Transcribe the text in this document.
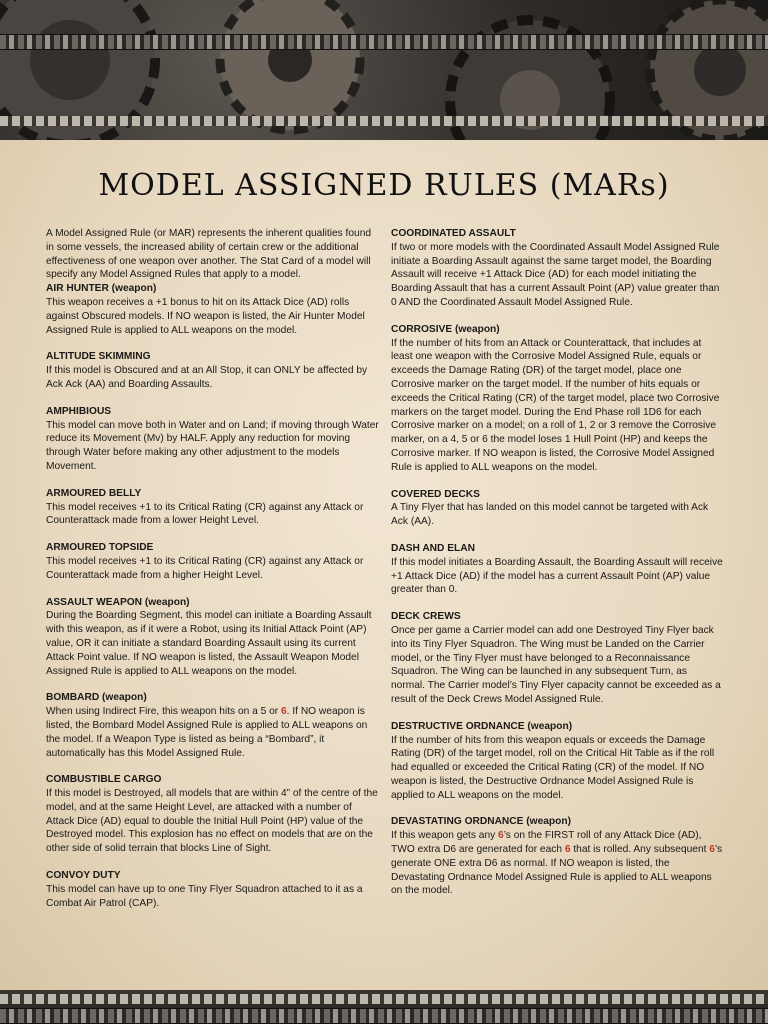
MODEL ASSIGNED RULES (MARs)

A Model Assigned Rule (or MAR) represents the inherent qualities found in some vessels, the increased ability of certain crew or the additional effectiveness of one weapon over another. The Stat Card of a model will specify any Model Assigned Rules that apply to a model.

AIR HUNTER (weapon)

This weapon receives a +1 bonus to hit on its Attack Dice (AD) rolls against Obscured models. If NO weapon is listed, the Air Hunter Model Assigned Rule is applied to ALL weapons on the model.

ALTITUDE SKIMMING

If this model is Obscured and at an All Stop, it can ONLY be affected by Ack Ack (AA) and Boarding Assaults.

AMPHIBIOUS

This model can move both in Water and on Land; if moving through Water reduce its Movement (Mv) by HALF. Apply any reduction for moving through Water before making any other adjustment to the models Movement.

ARMOURED BELLY

This model receives +1 to its Critical Rating (CR) against any Attack or Counterattack made from a lower Height Level.

ARMOURED TOPSIDE

This model receives +1 to its Critical Rating (CR) against any Attack or Counterattack made from a higher Height Level.

ASSAULT WEAPON (weapon)

During the Boarding Segment, this model can initiate a Boarding Assault with this weapon, as if it were a Robot, using its Initial Attack Point (AP) value, OR it can initiate a standard Boarding Assault using its current Attack Point value. If NO weapon is listed, the Assault Weapon Model Assigned Rule is applied to ALL weapons on the model.

BOMBARD (weapon)

When using Indirect Fire, this weapon hits on a 5 or 6. If NO weapon is listed, the Bombard Model Assigned Rule is applied to ALL weapons on the model. If a Weapon Type is listed as being a “Bombard”, it automatically has this Model Assigned Rule.

COMBUSTIBLE CARGO

If this model is Destroyed, all models that are within 4” of the centre of the model, and at the same Height Level, are attacked with a number of Attack Dice (AD) equal to double the Initial Hull Point (HP) value of the Destroyed model. This explosion has no effect on models that are on the other side of solid terrain that blocks Line of Sight.

CONVOY DUTY

This model can have up to one Tiny Flyer Squadron attached to it as a Combat Air Patrol (CAP).

COORDINATED ASSAULT

If two or more models with the Coordinated Assault Model Assigned Rule initiate a Boarding Assault against the same target model, the Boarding Assault will receive +1 Attack Dice (AD) for each model initiating the Boarding Assault that has a current Assault Point (AP) value greater than 0 AND the Coordinated Assault Model Assigned Rule.

CORROSIVE (weapon)

If the number of hits from an Attack or Counterattack, that includes at least one weapon with the Corrosive Model Assigned Rule, equals or exceeds the Damage Rating (DR) of the target model, place one Corrosive marker on the target model. If the number of hits equals or exceeds the Critical Rating (CR) of the target model, place two Corrosive markers on the target model. During the End Phase roll 1D6 for each Corrosive marker on a model; on a roll of 1, 2 or 3 remove the Corrosive marker, on a 4, 5 or 6 the model loses 1 Hull Point (HP) and keeps the Corrosive marker. If NO weapon is listed, the Corrosive Model Assigned Rule is applied to ALL weapons on the model.

COVERED DECKS

A Tiny Flyer that has landed on this model cannot be targeted with Ack Ack (AA).

DASH AND ELAN

If this model initiates a Boarding Assault, the Boarding Assault will receive +1 Attack Dice (AD) if the model has a current Assault Point (AP) value greater than 0.

DECK CREWS

Once per game a Carrier model can add one Destroyed Tiny Flyer back into its Tiny Flyer Squadron. The Wing must be Landed on the Carrier model, or the Tiny Flyer must have belonged to a Reconnaissance Squadron. The Wing can be launched in any subsequent Turn, as normal. The Carrier model’s Tiny Flyer capacity cannot be exceeded as a result of the Deck Crews Model Assigned Rule.

DESTRUCTIVE ORDNANCE (weapon)

If the number of hits from this weapon equals or exceeds the Damage Rating (DR) of the target model, roll on the Critical Hit Table as if the roll had equalled or exceeded the Critical Rating (CR) of the model. If NO weapon is listed, the Destructive Ordnance Model Assigned Rule is applied to ALL weapons on the model.

DEVASTATING ORDNANCE (weapon)

If this weapon gets any 6’s on the FIRST roll of any Attack Dice (AD), TWO extra D6 are generated for each 6 that is rolled. Any subsequent 6’s generate ONE extra D6 as normal. If NO weapon is listed, the Devastating Ordnance Model Assigned Rule is applied to ALL weapons on the model.
